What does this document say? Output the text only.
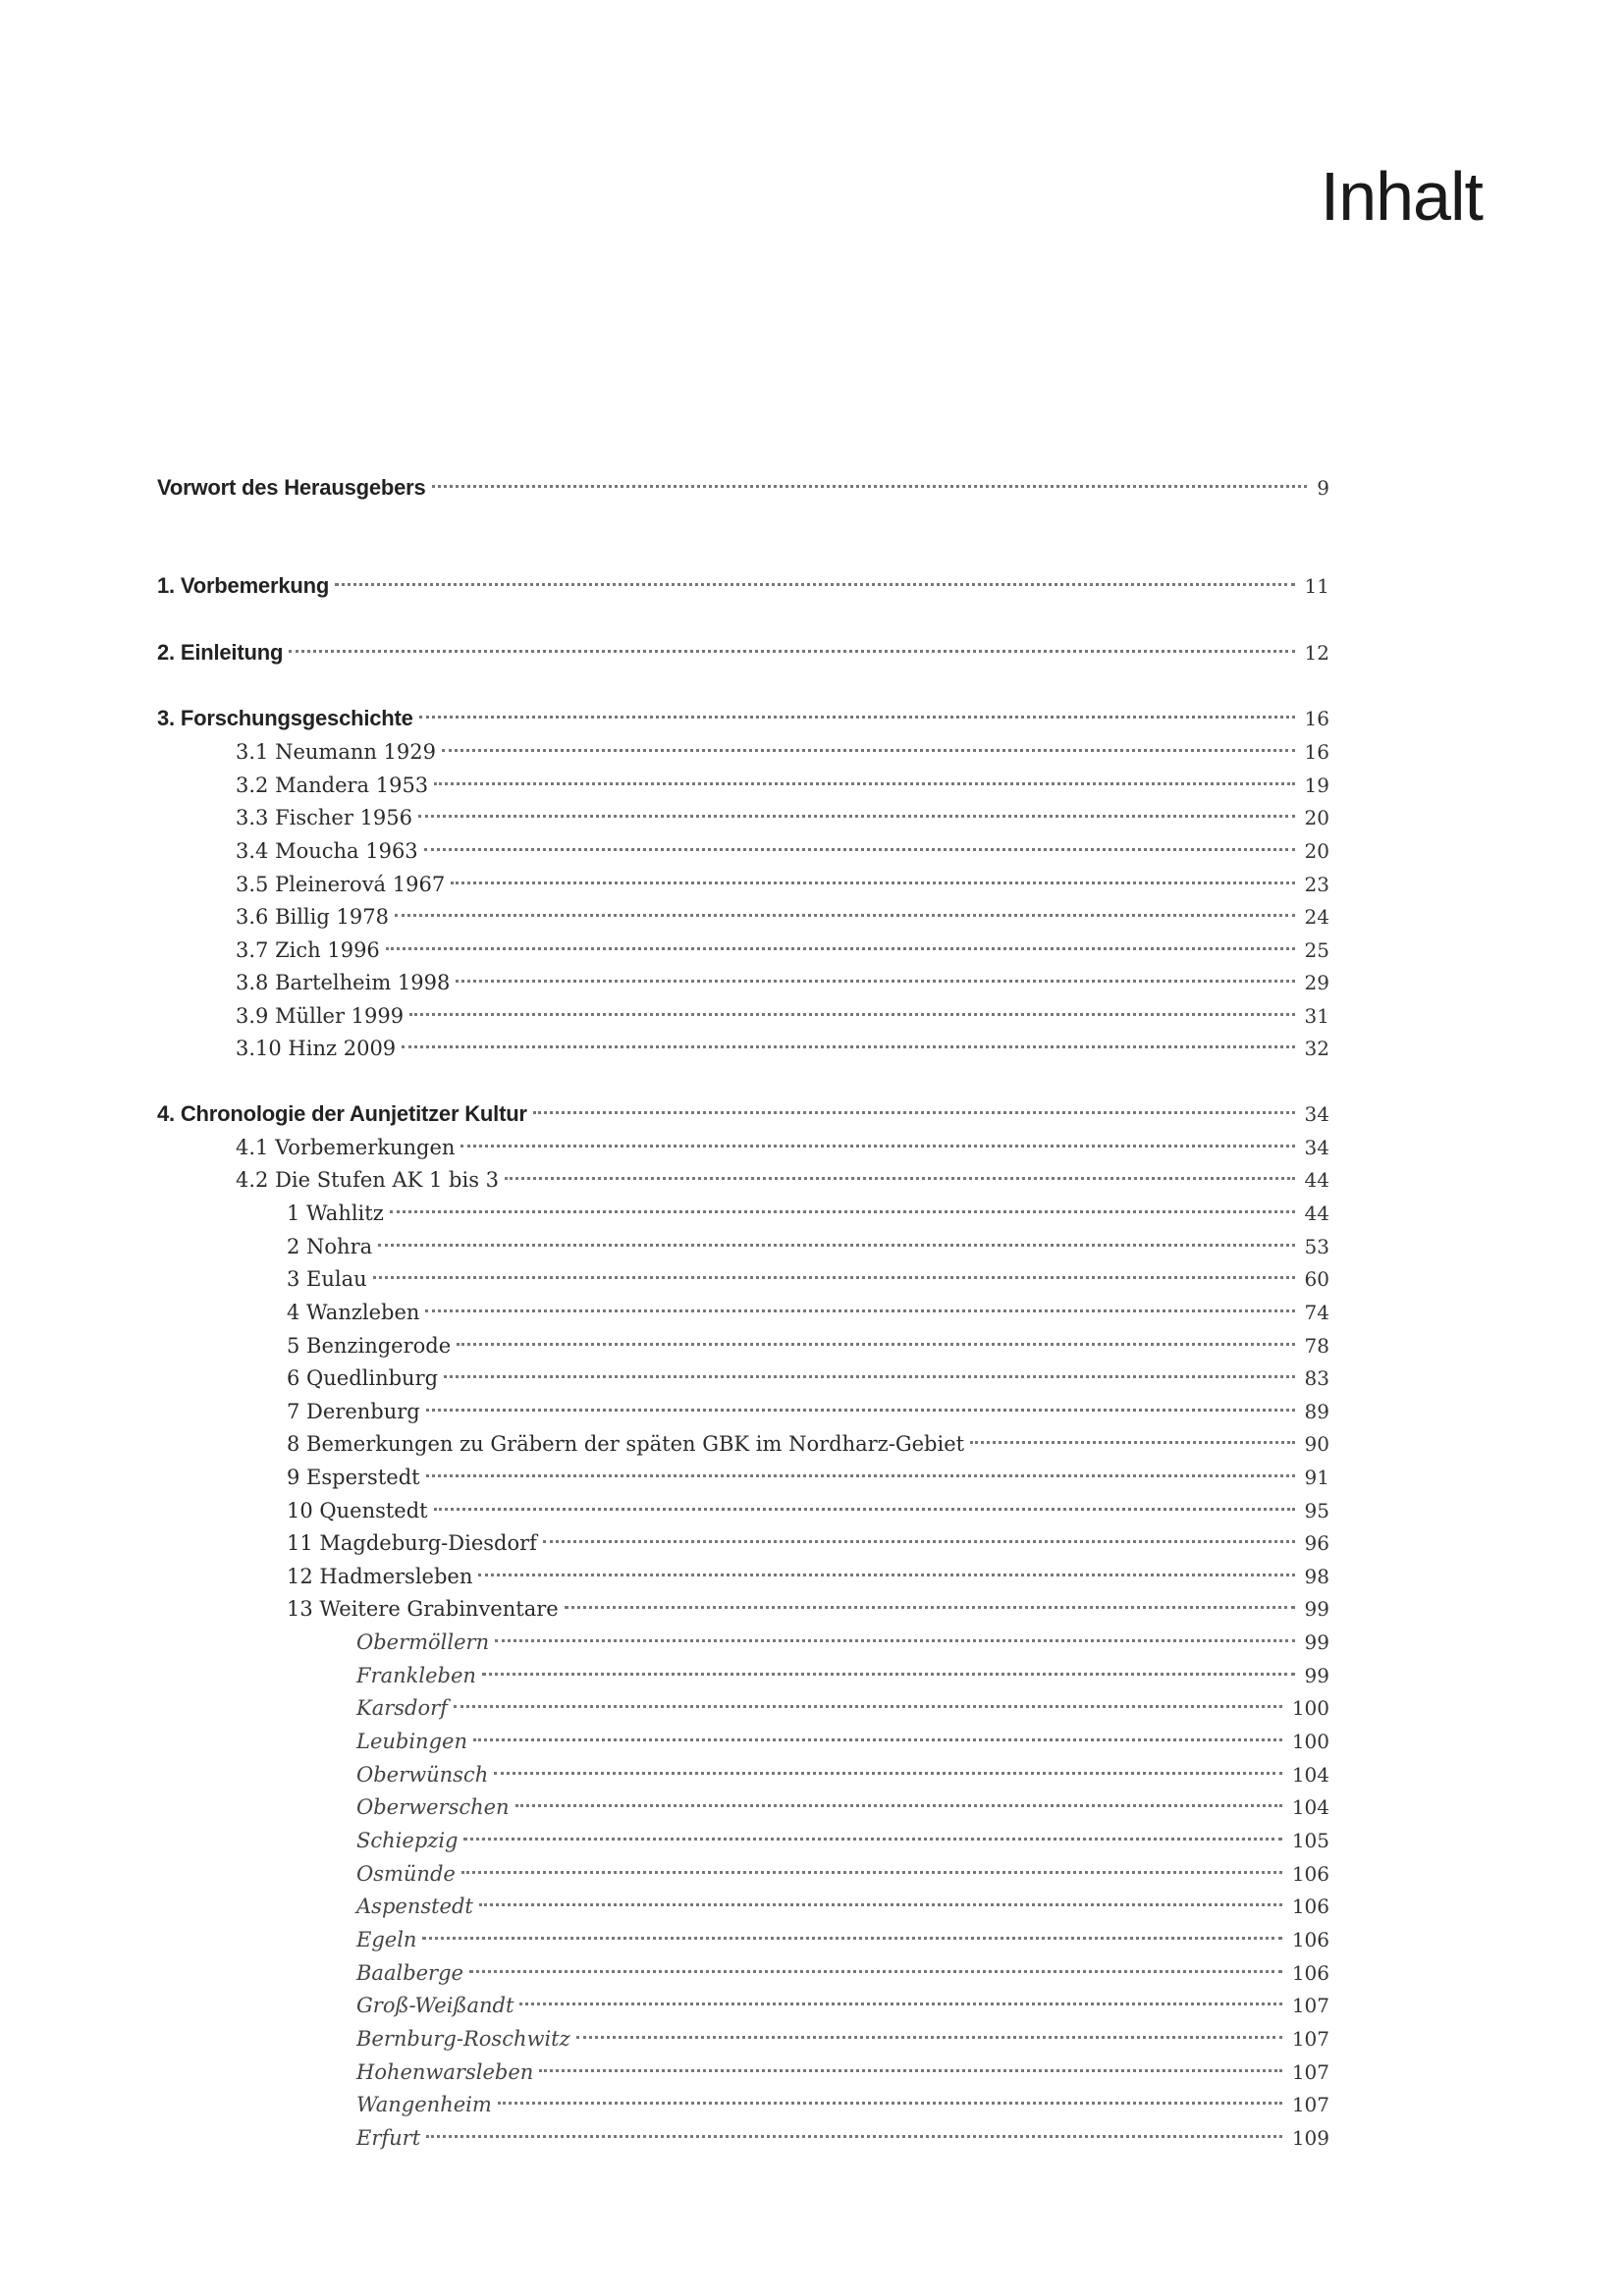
Inhalt
Vorwort des Herausgebers	9
1. Vorbemerkung	11
2. Einleitung	12
3. Forschungsgeschichte	16
3.1 Neumann 1929	16
3.2 Mandera 1953	19
3.3 Fischer 1956	20
3.4 Moucha 1963	20
3.5 Pleinerová 1967	23
3.6 Billig 1978	24
3.7 Zich 1996	25
3.8 Bartelheim 1998	29
3.9 Müller 1999	31
3.10 Hinz 2009	32
4. Chronologie der Aunjetitzer Kultur	34
4.1 Vorbemerkungen	34
4.2 Die Stufen AK 1 bis 3	44
1 Wahlitz	44
2 Nohra	53
3 Eulau	60
4 Wanzleben	74
5 Benzingerode	78
6 Quedlinburg	83
7 Derenburg	89
8 Bemerkungen zu Gräbern der späten GBK im Nordharz-Gebiet	90
9 Esperstedt	91
10 Quenstedt	95
11 Magdeburg-Diesdorf	96
12 Hadmersleben	98
13 Weitere Grabinventare	99
Obermöllern	99
Frankleben	99
Karsdorf	100
Leubingen	100
Oberwünsch	104
Oberwerschen	104
Schiepzig	105
Osmünde	106
Aspenstedt	106
Egeln	106
Baalberge	106
Groß-Weißandt	107
Bernburg-Roschwitz	107
Hohenwarsleben	107
Wangenheim	107
Erfurt	109
